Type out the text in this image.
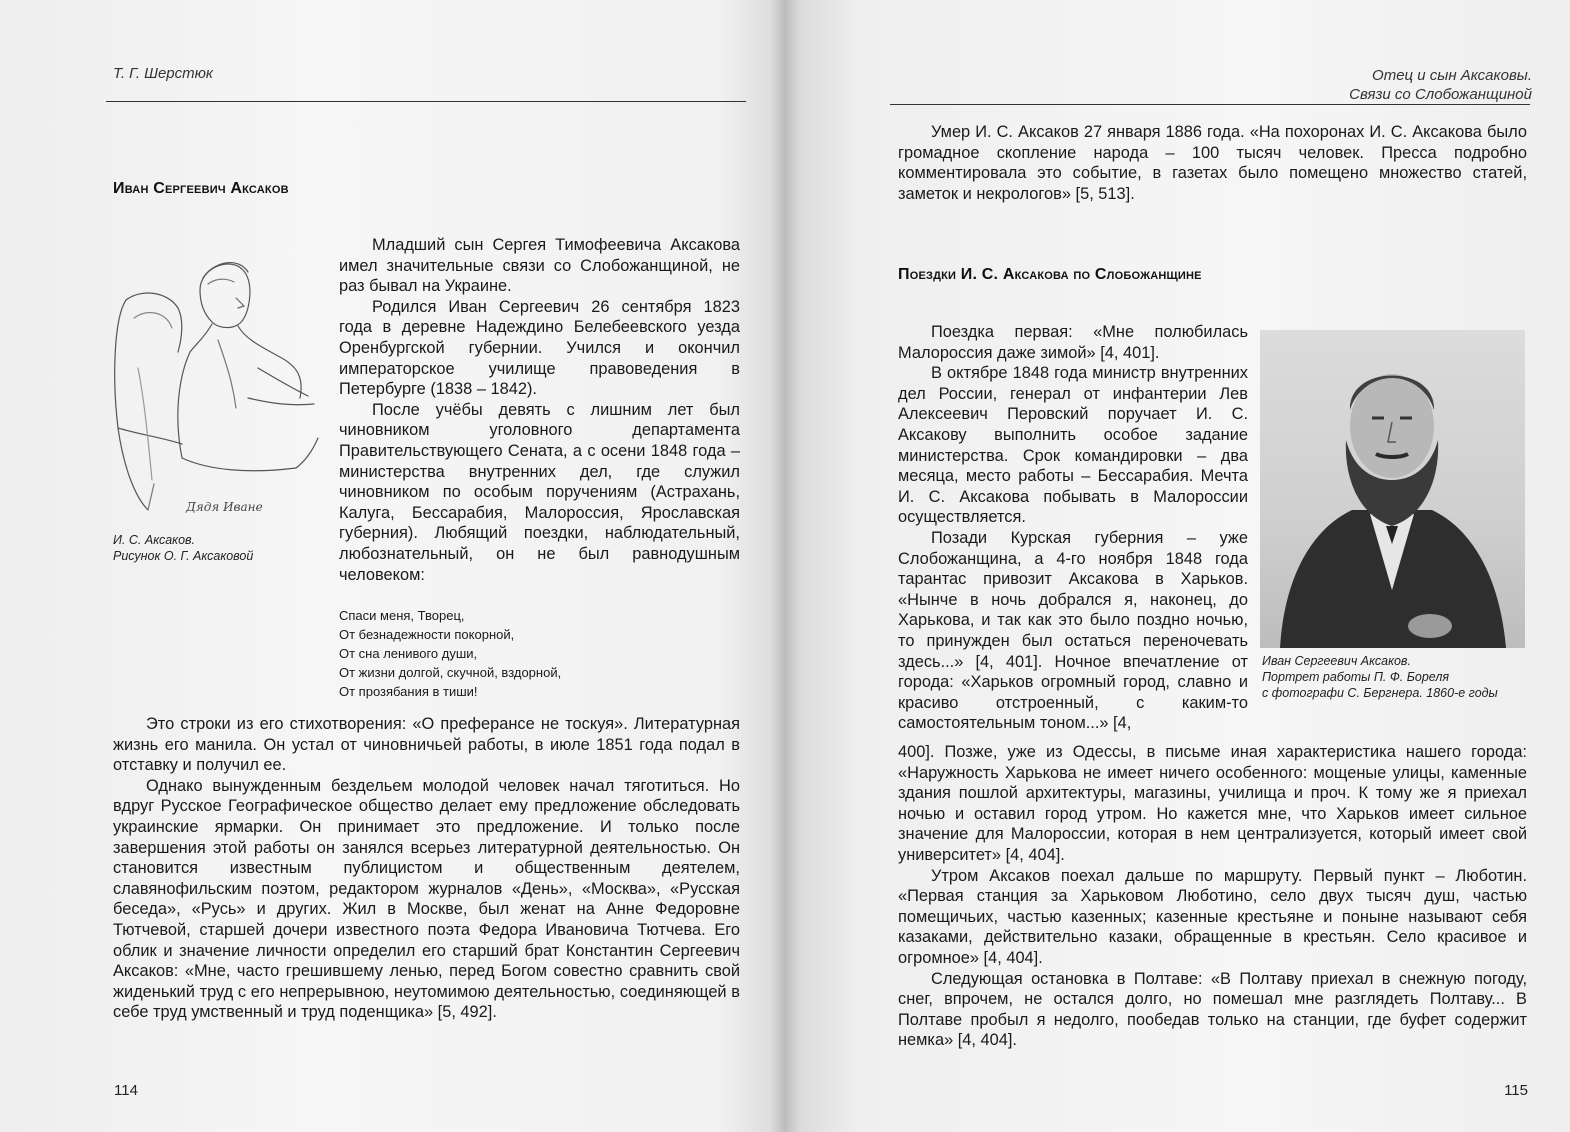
Т. Г. Шерстюк
Иван Сергеевич Аксаков
Дядя Иване
И. С. Аксаков.
Рисунок О. Г. Аксаковой

Младший сын Сергея Тимофеевича Аксакова имел значительные связи со Слобожанщиной, не раз бывал на Украине.

Родился Иван Сергеевич 26 сентября 1823 года в деревне Надеждино Белебеевского уезда Оренбургской губернии. Учился и окончил императорское училище правоведения в Петербурге (1838 – 1842).

После учёбы девять с лишним лет был чиновником уголовного департамента Правительствующего Сената, а с осени 1848 года – министерства внутренних дел, где служил чиновником по особым поручениям (Астрахань, Калуга, Бессарабия, Малороссия, Ярославская губерния). Любящий поездки, наблюдательный, любознательный, он не был равнодушным человеком:

Спаси меня, Творец,
От безнадежности покорной,
От сна ленивого души,
От жизни долгой, скучной, вздорной,
От прозябания в тиши!

Это строки из его стихотворения: «О преферансе не тоскуя». Литературная жизнь его манила. Он устал от чиновничьей работы, в июле 1851 года подал в отставку и получил ее.

Однако вынужденным бездельем молодой человек начал тяготиться. Но вдруг Русское Географическое общество делает ему предложение обследовать украинские ярмарки. Он принимает это предложение. И только после завершения этой работы он занялся всерьез литературной деятельностью. Он становится известным публицистом и общественным деятелем, славянофильским поэтом, редактором журналов «День», «Москва», «Русская беседа», «Русь» и других. Жил в Москве, был женат на Анне Федоровне Тютчевой, старшей дочери известного поэта Федора Ивановича Тютчева. Его облик и значение личности определил его старший брат Константин Сергеевич Аксаков: «Мне, часто грешившему ленью, перед Богом совестно сравнить свой жиденький труд с его непрерывною, неутомимою деятельностью, соединяющей в себе труд умственный и труд поденщика» [5, 492].

114
Отец и сын Аксаковы.
Связи со Слобожанщиной

Умер И. С. Аксаков 27 января 1886 года. «На похоронах И. С. Аксакова было громадное скопление народа – 100 тысяч человек. Пресса подробно комментировала это событие, в газетах было помещено множество статей, заметок и некрологов» [5, 513].

Поездки И. С. Аксакова по Слобожанщине

Поездка первая: «Мне полюбилась Малороссия даже зимой» [4, 401].

В октябре 1848 года министр внутренних дел России, генерал от инфантерии Лев Алексеевич Перовский поручает И. С. Аксакову выполнить особое задание министерства. Срок командировки – два месяца, место работы – Бессарабия. Мечта И. С. Аксакова побывать в Малороссии осуществляется.

Позади Курская губерния – уже Слобожанщина, а 4-го ноября 1848 года тарантас привозит Аксакова в Харьков. «Нынче в ночь добрался я, наконец, до Харькова, и так как это было поздно ночью, то принужден был остаться переночевать здесь...» [4, 401]. Ночное впечатление от города: «Харьков огромный город, славно и красиво отстроенный, с каким-то самостоятельным тоном...» [4,

Иван Сергеевич Аксаков.
Портрет работы П. Ф. Бореля
с фотографи С. Бергнера. 1860-е годы

400]. Позже, уже из Одессы, в письме иная характеристика нашего города: «Наружность Харькова не имеет ничего особенного: мощеные улицы, каменные здания пошлой архитектуры, магазины, училища и проч. К тому же я приехал ночью и оставил город утром. Но кажется мне, что Харьков имеет сильное значение для Малороссии, которая в нем централизуется, который имеет свой университет» [4, 404].

Утром Аксаков поехал дальше по маршруту. Первый пункт – Люботин. «Первая станция за Харьковом Люботино, село двух тысяч душ, частью помещичьих, частью казенных; казенные крестьяне и поныне называют себя казаками, действительно казаки, обращенные в крестьян. Село красивое и огромное» [4, 404].

Следующая остановка в Полтаве: «В Полтаву приехал в снежную погоду, снег, впрочем, не остался долго, но помешал мне разглядеть Полтаву... В Полтаве пробыл я недолго, пообедав только на станции, где буфет содержит немка» [4, 404].

115
